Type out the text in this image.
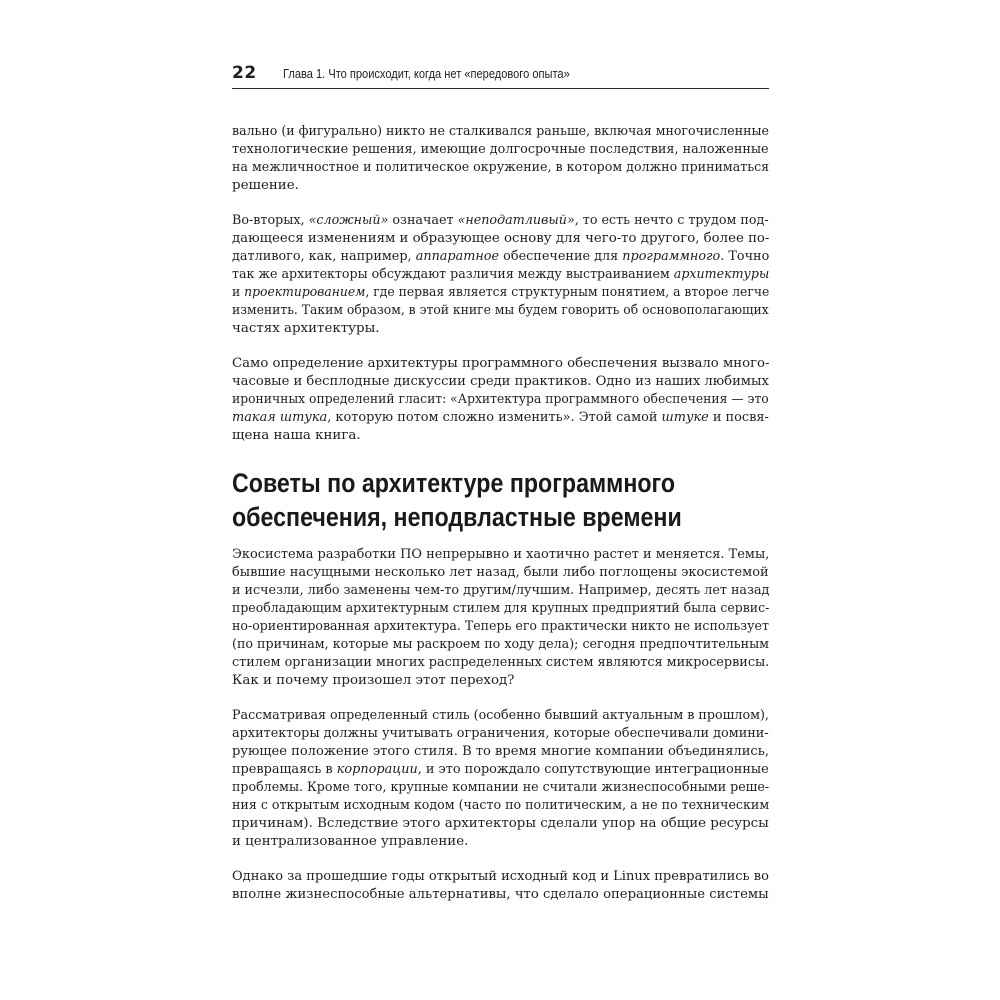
22 Глава 1. Что происходит, когда нет «передового опыта»
вально (и фигурально) никто не сталкивался раньше, включая многочисленные
технологические решения, имеющие долгосрочные последствия, наложенные
на межличностное и политическое окружение, в котором должно приниматься
решение.
Во-вторых, «сложный» означает «неподатливый», то есть нечто с трудом под-
дающееся изменениям и образующее основу для чего-то другого, более по-
датливого, как, например, аппаратное обеспечение для программного. Точно
так же архитекторы обсуждают различия между выстраиванием архитектуры
и проектированием, где первая является структурным понятием, а второе легче
изменить. Таким образом, в этой книге мы будем говорить об основополагающих
частях архитектуры.
Само определение архитектуры программного обеспечения вызвало много-
часовые и бесплодные дискуссии среди практиков. Одно из наших любимых
ироничных определений гласит: «Архитектура программного обеспечения — это
такая штука, которую потом сложно изменить». Этой самой штуке и посвя-
щена наша книга.
Советы по архитектуре программного
обеспечения, неподвластные времени
Экосистема разработки ПО непрерывно и хаотично растет и меняется. Темы,
бывшие насущными несколько лет назад, были либо поглощены экосистемой
и исчезли, либо заменены чем-то другим/лучшим. Например, десять лет назад
преобладающим архитектурным стилем для крупных предприятий была сервис-
но-ориентированная архитектура. Теперь его практически никто не использует
(по причинам, которые мы раскроем по ходу дела); сегодня предпочтительным
стилем организации многих распределенных систем являются микросервисы.
Как и почему произошел этот переход?
Рассматривая определенный стиль (особенно бывший актуальным в прошлом),
архитекторы должны учитывать ограничения, которые обеспечивали домини-
рующее положение этого стиля. В то время многие компании объединялись,
превращаясь в корпорации, и это порождало сопутствующие интеграционные
проблемы. Кроме того, крупные компании не считали жизнеспособными реше-
ния с открытым исходным кодом (часто по политическим, а не по техническим
причинам). Вследствие этого архитекторы сделали упор на общие ресурсы
и централизованное управление.
Однако за прошедшие годы открытый исходный код и Linux превратились во
вполне жизнеспособные альтернативы, что сделало операционные системы
